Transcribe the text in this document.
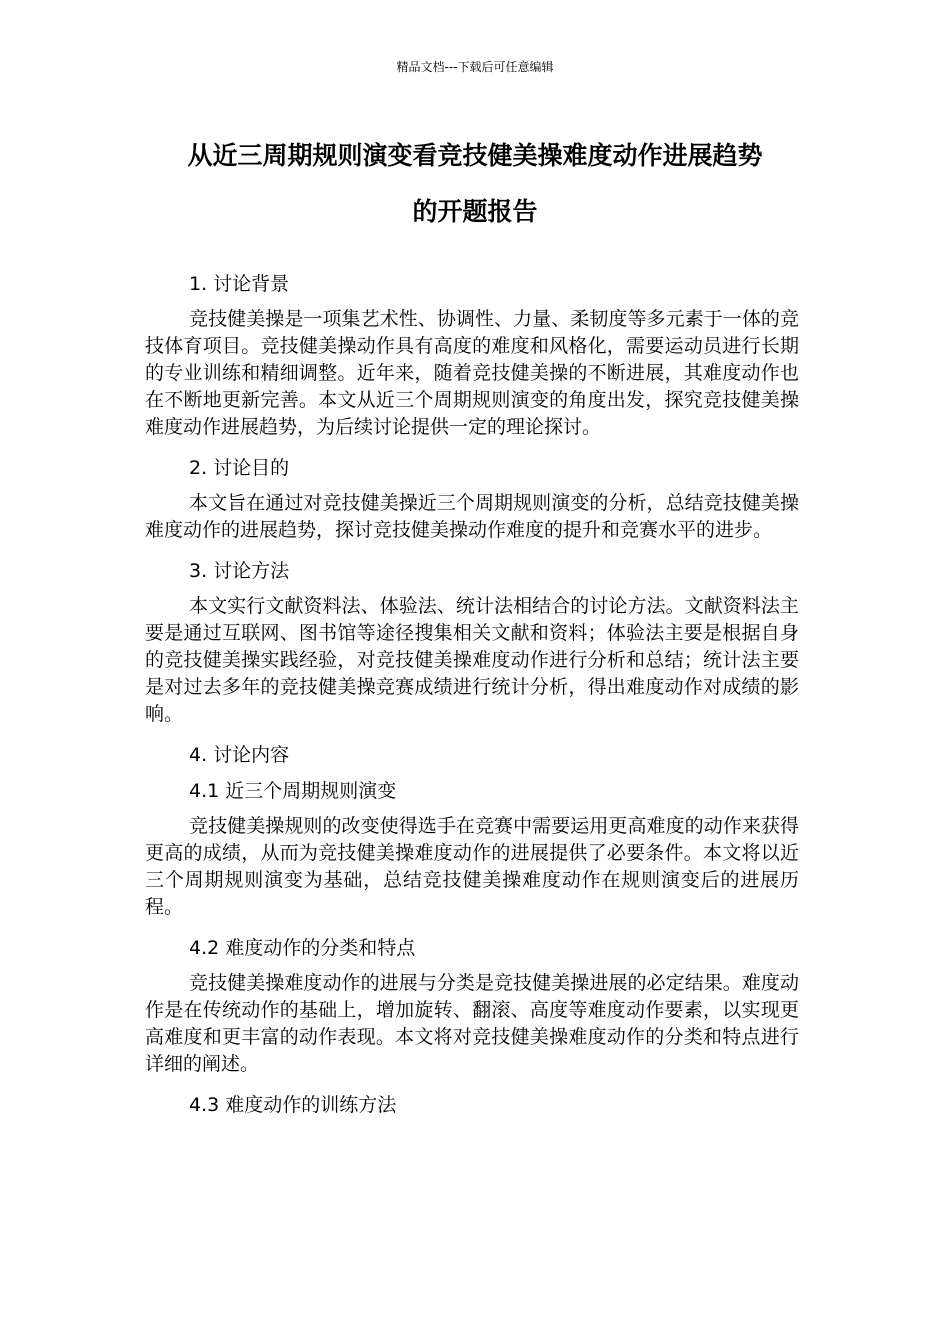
精品文档---下载后可任意编辑
从近三周期规则演变看竞技健美操难度动作进展趋势
的开题报告

1. 讨论背景

竞技健美操是一项集艺术性、协调性、力量、柔韧度等多元素于一体的竞技体育项目。竞技健美操动作具有高度的难度和风格化，需要运动员进行长期的专业训练和精细调整。近年来，随着竞技健美操的不断进展，其难度动作也在不断地更新完善。本文从近三个周期规则演变的角度出发，探究竞技健美操难度动作进展趋势，为后续讨论提供一定的理论探讨。

2. 讨论目的

本文旨在通过对竞技健美操近三个周期规则演变的分析，总结竞技健美操难度动作的进展趋势，探讨竞技健美操动作难度的提升和竞赛水平的进步。

3. 讨论方法

本文实行文献资料法、体验法、统计法相结合的讨论方法。文献资料法主要是通过互联网、图书馆等途径搜集相关文献和资料；体验法主要是根据自身的竞技健美操实践经验，对竞技健美操难度动作进行分析和总结；统计法主要是对过去多年的竞技健美操竞赛成绩进行统计分析，得出难度动作对成绩的影响。

4. 讨论内容

4.1 近三个周期规则演变

竞技健美操规则的改变使得选手在竞赛中需要运用更高难度的动作来获得更高的成绩，从而为竞技健美操难度动作的进展提供了必要条件。本文将以近三个周期规则演变为基础，总结竞技健美操难度动作在规则演变后的进展历程。

4.2 难度动作的分类和特点

竞技健美操难度动作的进展与分类是竞技健美操进展的必定结果。难度动作是在传统动作的基础上，增加旋转、翻滚、高度等难度动作要素，以实现更高难度和更丰富的动作表现。本文将对竞技健美操难度动作的分类和特点进行详细的阐述。

4.3 难度动作的训练方法
